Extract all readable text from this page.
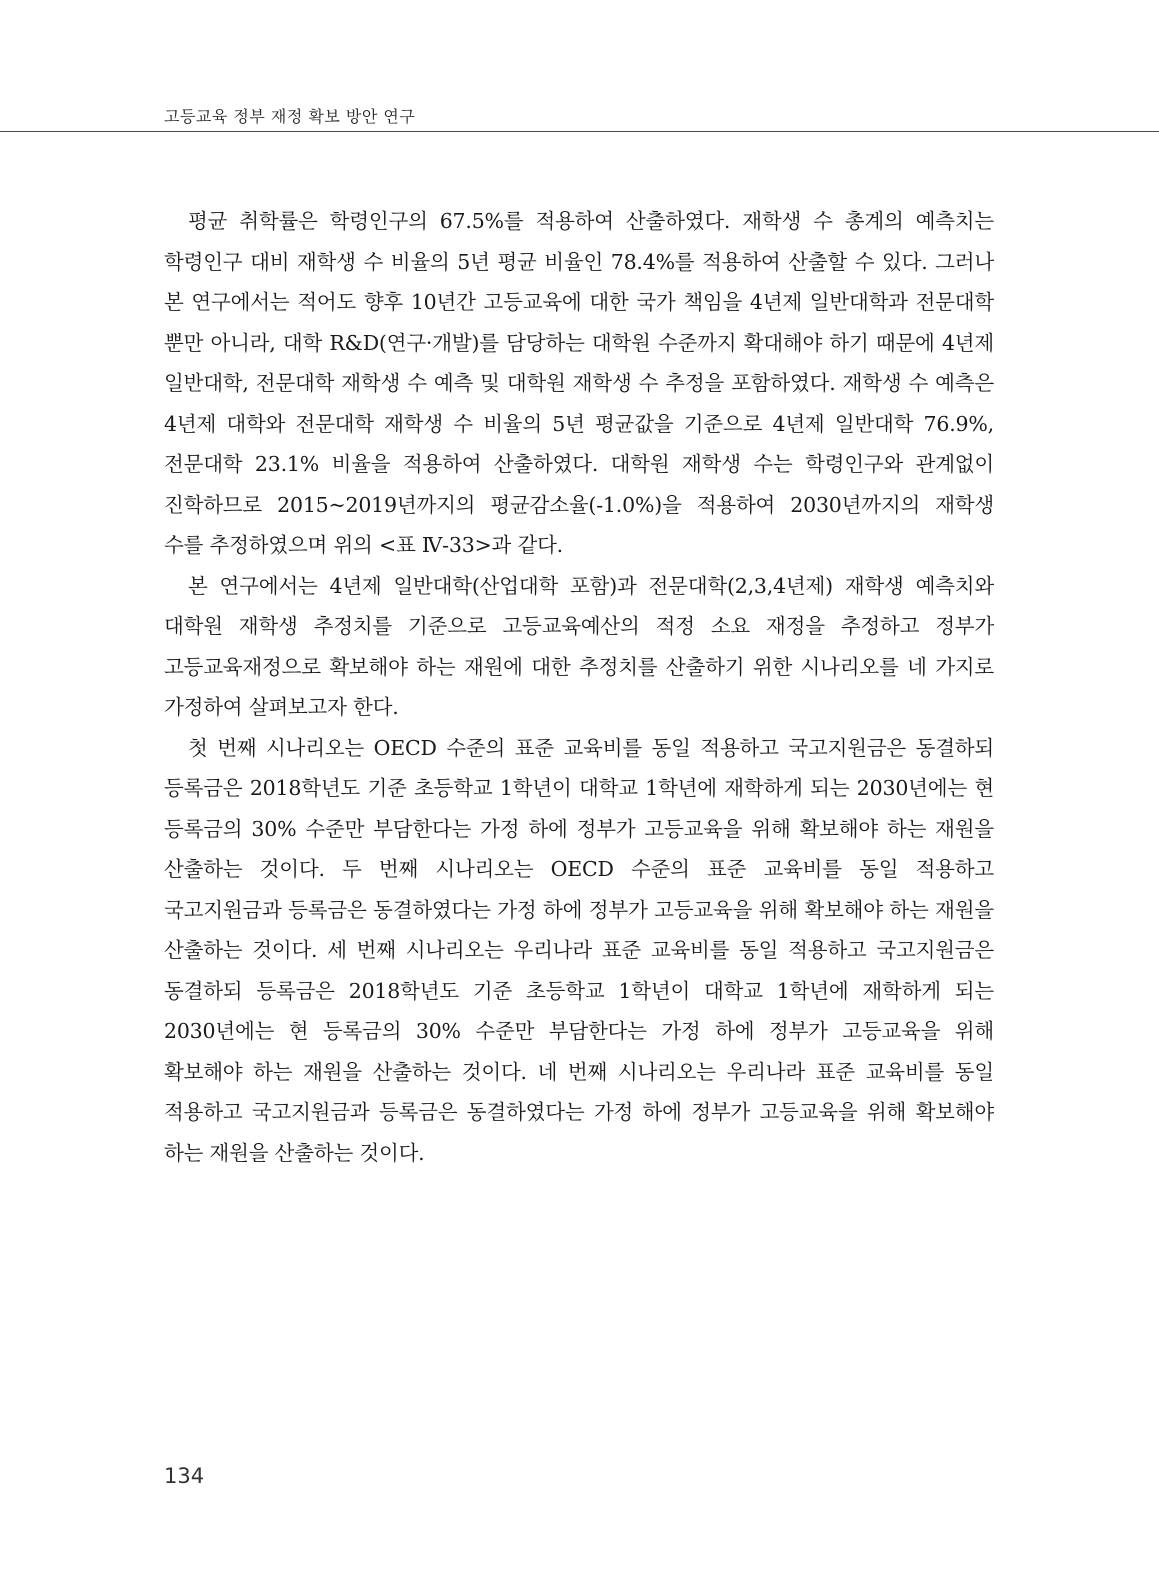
고등교육 정부 재정 확보 방안 연구

평균 취학률은 학령인구의 67.5%를 적용하여 산출하였다. 재학생 수 총계의 예측치는 학령인구 대비 재학생 수 비율의 5년 평균 비율인 78.4%를 적용하여 산출할 수 있다. 그러나 본 연구에서는 적어도 향후 10년간 고등교육에 대한 국가 책임을 4년제 일반대학과 전문대학 뿐만 아니라, 대학 R&D(연구·개발)를 담당하는 대학원 수준까지 확대해야 하기 때문에 4년제 일반대학, 전문대학 재학생 수 예측 및 대학원 재학생 수 추정을 포함하였다. 재학생 수 예측은 4년제 대학와 전문대학 재학생 수 비율의 5년 평균값을 기준으로 4년제 일반대학 76.9%, 전문대학 23.1% 비율을 적용하여 산출하였다. 대학원 재학생 수는 학령인구와 관계없이 진학하므로 2015~2019년까지의 평균감소율(-1.0%)을 적용하여 2030년까지의 재학생 수를 추정하였으며 위의 <표 Ⅳ-33>과 같다.

본 연구에서는 4년제 일반대학(산업대학 포함)과 전문대학(2,3,4년제) 재학생 예측치와 대학원 재학생 추정치를 기준으로 고등교육예산의 적정 소요 재정을 추정하고 정부가 고등교육재정으로 확보해야 하는 재원에 대한 추정치를 산출하기 위한 시나리오를 네 가지로 가정하여 살펴보고자 한다.

첫 번째 시나리오는 OECD 수준의 표준 교육비를 동일 적용하고 국고지원금은 동결하되 등록금은 2018학년도 기준 초등학교 1학년이 대학교 1학년에 재학하게 되는 2030년에는 현 등록금의 30% 수준만 부담한다는 가정 하에 정부가 고등교육을 위해 확보해야 하는 재원을 산출하는 것이다. 두 번째 시나리오는 OECD 수준의 표준 교육비를 동일 적용하고 국고지원금과 등록금은 동결하였다는 가정 하에 정부가 고등교육을 위해 확보해야 하는 재원을 산출하는 것이다. 세 번째 시나리오는 우리나라 표준 교육비를 동일 적용하고 국고지원금은 동결하되 등록금은 2018학년도 기준 초등학교 1학년이 대학교 1학년에 재학하게 되는 2030년에는 현 등록금의 30% 수준만 부담한다는 가정 하에 정부가 고등교육을 위해 확보해야 하는 재원을 산출하는 것이다. 네 번째 시나리오는 우리나라 표준 교육비를 동일 적용하고 국고지원금과 등록금은 동결하였다는 가정 하에 정부가 고등교육을 위해 확보해야 하는 재원을 산출하는 것이다.

134
